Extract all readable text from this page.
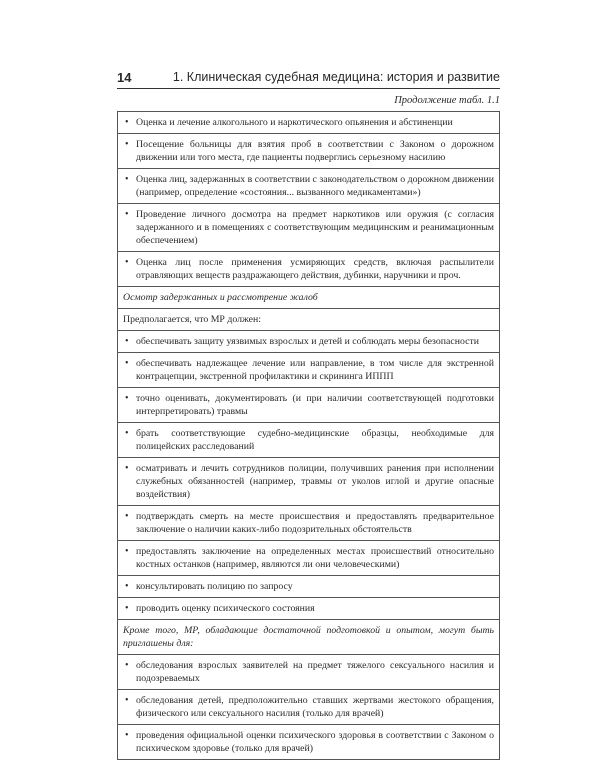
14	1. Клиническая судебная медицина: история и развитие
Продолжение табл. 1.1
• Оценка и лечение алкогольного и наркотического опьянения и абстиненции
• Посещение больницы для взятия проб в соответствии с Законом о дорожном движении или того места, где пациенты подверглись серьезному насилию
• Оценка лиц, задержанных в соответствии с законодательством о дорожном движении (например, определение «состояния... вызванного медикаментами»)
• Проведение личного досмотра на предмет наркотиков или оружия (с согласия задержанного и в помещениях с соответствующим медицинским и реанимационным обеспечением)
• Оценка лиц после применения усмиряющих средств, включая распылители отравляющих веществ раздражающего действия, дубинки, наручники и проч.
Осмотр задержанных и рассмотрение жалоб
Предполагается, что МР должен:
• обеспечивать защиту уязвимых взрослых и детей и соблюдать меры безопасности
• обеспечивать надлежащее лечение или направление, в том числе для экстренной контрацепции, экстренной профилактики и скрининга ИППП
• точно оценивать, документировать (и при наличии соответствующей подготовки интерпретировать) травмы
• брать соответствующие судебно-медицинские образцы, необходимые для полицейских расследований
• осматривать и лечить сотрудников полиции, получивших ранения при исполнении служебных обязанностей (например, травмы от уколов иглой и другие опасные воздействия)
• подтверждать смерть на месте происшествия и предоставлять предварительное заключение о наличии каких-либо подозрительных обстоятельств
• предоставлять заключение на определенных местах происшествий относительно костных останков (например, являются ли они человеческими)
• консультировать полицию по запросу
• проводить оценку психического состояния
Кроме того, МР, обладающие достаточной подготовкой и опытом, могут быть приглашены для:
• обследования взрослых заявителей на предмет тяжелого сексуального насилия и подозреваемых
• обследования детей, предположительно ставших жертвами жестокого обращения, физического или сексуального насилия (только для врачей)
• проведения официальной оценки психического здоровья в соответствии с Законом о психическом здоровье (только для врачей)
